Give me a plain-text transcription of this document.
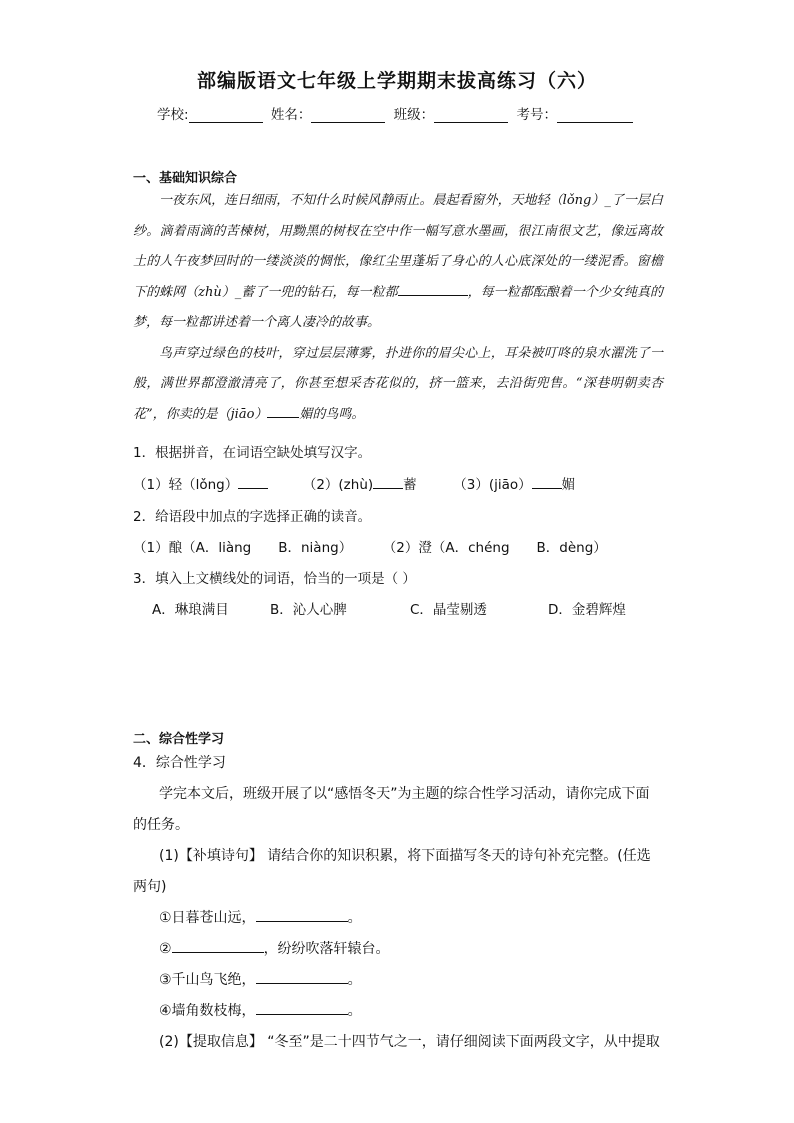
部编版语文七年级上学期期末拔高练习（六）
学校:	姓名：	班级：	考号：
一、基础知识综合

一夜东风，连日细雨，不知什么时候风静雨止。晨起看窗外，天地轻（lǒng）_了一层白纱。滴着雨滴的苦楝树，用黝黑的树杈在空中作一幅写意水墨画，很江南很文艺，像远离故土的人午夜梦回时的一缕淡淡的惆怅，像红尘里蓬垢了身心的人心底深处的一缕泥香。窗檐下的蛛网（zhù）_蓄了一兜的钻石，每一粒都	，每一粒都酝酿着一个少女纯真的梦，每一粒都讲述着一个离人凄冷的故事。

鸟声穿过绿色的枝叶，穿过层层薄雾，扑进你的眉尖心上，耳朵被叮咚的泉水濯洗了一般，满世界都澄澈清亮了，你甚至想采杏花似的，挤一篮来，去沿街兜售。“深巷明朝卖杏花”，你卖的是（jiāo） 媚的鸟鸣。

1．根据拼音，在词语空缺处填写汉字。
（1）轻（lǒng）	（2）(zhù) 蓄	（3）(jiāo） 媚
2．给语段中加点的字选择正确的读音。
（1）酿（A．liàng　　B．niàng） （2）澄（A．chéng　　B．dèng）
3．填入上文横线处的词语，恰当的一项是（ ）
A．琳琅满目	B．沁人心脾	C．晶莹剔透	D．金碧辉煌
二、综合性学习

4．综合性学习

学完本文后，班级开展了以“感悟冬天”为主题的综合性学习活动，请你完成下面的任务。

(1)【补填诗句】 请结合你的知识积累，将下面描写冬天的诗句补充完整。(任选两句)

①日暮苍山远，	。

②	，纷纷吹落轩辕台。

③千山鸟飞绝，	。

④墙角数枝梅，	。

(2)【提取信息】 “冬至”是二十四节气之一，请仔细阅读下面两段文字，从中提取
